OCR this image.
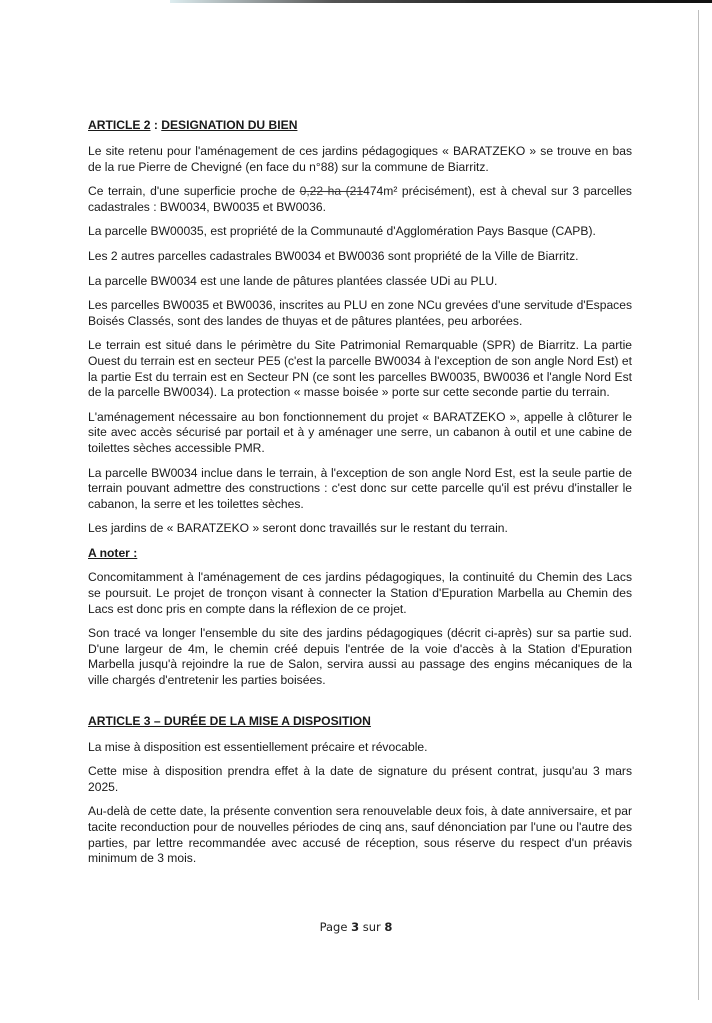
ARTICLE 2 : DESIGNATION DU BIEN

Le site retenu pour l'aménagement de ces jardins pédagogiques « BARATZEKO » se trouve en bas de la rue Pierre de Chevigné (en face du n°88) sur la commune de Biarritz.

Ce terrain, d'une superficie proche de 0,22 ha (21474m² précisément), est à cheval sur 3 parcelles cadastrales : BW0034, BW0035 et BW0036.

La parcelle BW00035, est propriété de la Communauté d'Agglomération Pays Basque (CAPB).

Les 2 autres parcelles cadastrales BW0034 et BW0036 sont propriété de la Ville de Biarritz.

La parcelle BW0034 est une lande de pâtures plantées classée UDi au PLU.

Les parcelles BW0035 et BW0036, inscrites au PLU en zone NCu grevées d'une servitude d'Espaces Boisés Classés, sont des landes de thuyas et de pâtures plantées, peu arborées.

Le terrain est situé dans le périmètre du Site Patrimonial Remarquable (SPR) de Biarritz. La partie Ouest du terrain est en secteur PE5 (c'est la parcelle BW0034 à l'exception de son angle Nord Est) et la partie Est du terrain est en Secteur PN (ce sont les parcelles BW0035, BW0036 et l'angle Nord Est de la parcelle BW0034). La protection « masse boisée » porte sur cette seconde partie du terrain.

L'aménagement nécessaire au bon fonctionnement du projet « BARATZEKO », appelle à clôturer le site avec accès sécurisé par portail et à y aménager une serre, un cabanon à outil et une cabine de toilettes sèches accessible PMR.

La parcelle BW0034 inclue dans le terrain, à l'exception de son angle Nord Est, est la seule partie de terrain pouvant admettre des constructions : c'est donc sur cette parcelle qu'il est prévu d'installer le cabanon, la serre et les toilettes sèches.

Les jardins de « BARATZEKO » seront donc travaillés sur le restant du terrain.

A noter :

Concomitamment à l'aménagement de ces jardins pédagogiques, la continuité du Chemin des Lacs se poursuit. Le projet de tronçon visant à connecter la Station d'Epuration Marbella au Chemin des Lacs est donc pris en compte dans la réflexion de ce projet.

Son tracé va longer l'ensemble du site des jardins pédagogiques (décrit ci-après) sur sa partie sud. D'une largeur de 4m, le chemin créé depuis l'entrée de la voie d'accès à la Station d'Epuration Marbella jusqu'à rejoindre la rue de Salon, servira aussi au passage des engins mécaniques de la ville chargés d'entretenir les parties boisées.

ARTICLE 3 – DURÉE DE LA MISE A DISPOSITION

La mise à disposition est essentiellement précaire et révocable.

Cette mise à disposition prendra effet à la date de signature du présent contrat, jusqu'au 3 mars 2025.

Au-delà de cette date, la présente convention sera renouvelable deux fois, à date anniversaire, et par tacite reconduction pour de nouvelles périodes de cinq ans, sauf dénonciation par l'une ou l'autre des parties, par lettre recommandée avec accusé de réception, sous réserve du respect d'un préavis minimum de 3 mois.

Page 3 sur 8
